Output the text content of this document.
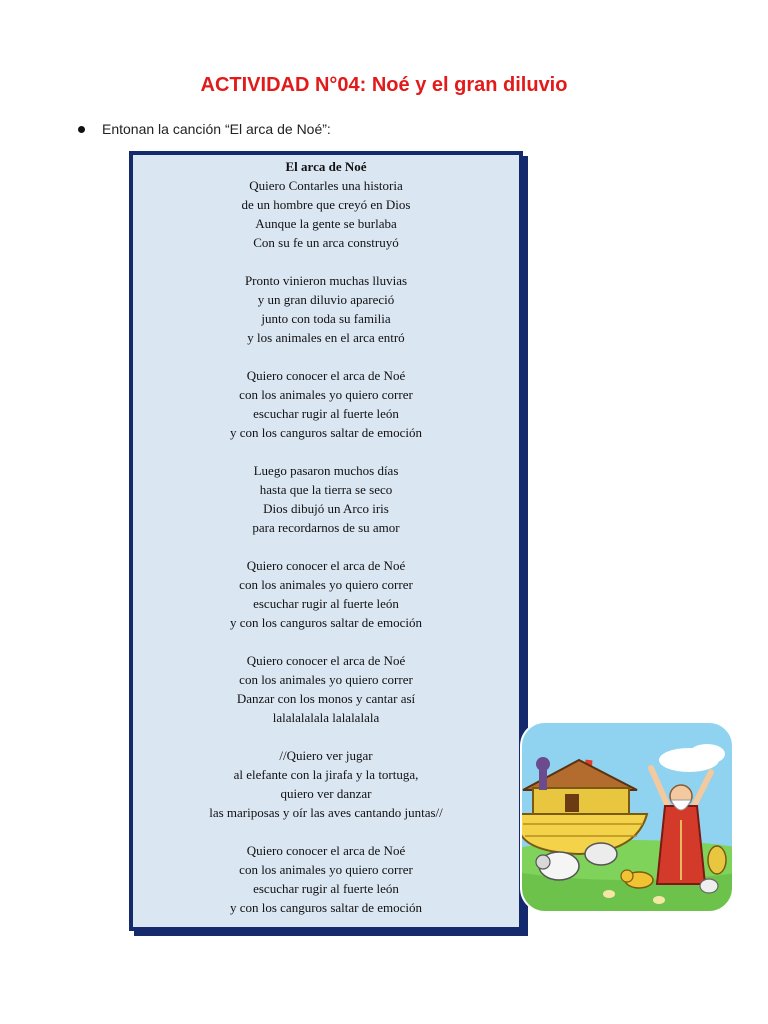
ACTIVIDAD N°04: Noé y el gran diluvio
Entonan la canción “El arca de Noé”:
El arca de Noé
Quiero Contarles una historia
de un hombre que creyó en Dios
Aunque la gente se burlaba
Con su fe un arca construyó
Pronto vinieron muchas lluvias
y un gran diluvio apareció
junto con toda su familia
y los animales en el arca entró
Quiero conocer el arca de Noé
con los animales yo quiero correr
escuchar rugir al fuerte león
y con los canguros saltar de emoción
Luego pasaron muchos días
hasta que la tierra se seco
Dios dibujó un Arco iris
para recordarnos de su amor
Quiero conocer el arca de Noé
con los animales yo quiero correr
escuchar rugir al fuerte león
y con los canguros saltar de emoción
Quiero conocer el arca de Noé
con los animales yo quiero correr
Danzar con los monos y cantar así
lalalalalala lalalalala
//Quiero ver jugar
al elefante con la jirafa y la tortuga,
quiero ver danzar
las mariposas y oír las aves cantando juntas//
Quiero conocer el arca de Noé
con los animales yo quiero correr
escuchar rugir al fuerte león
y con los canguros saltar de emoción
